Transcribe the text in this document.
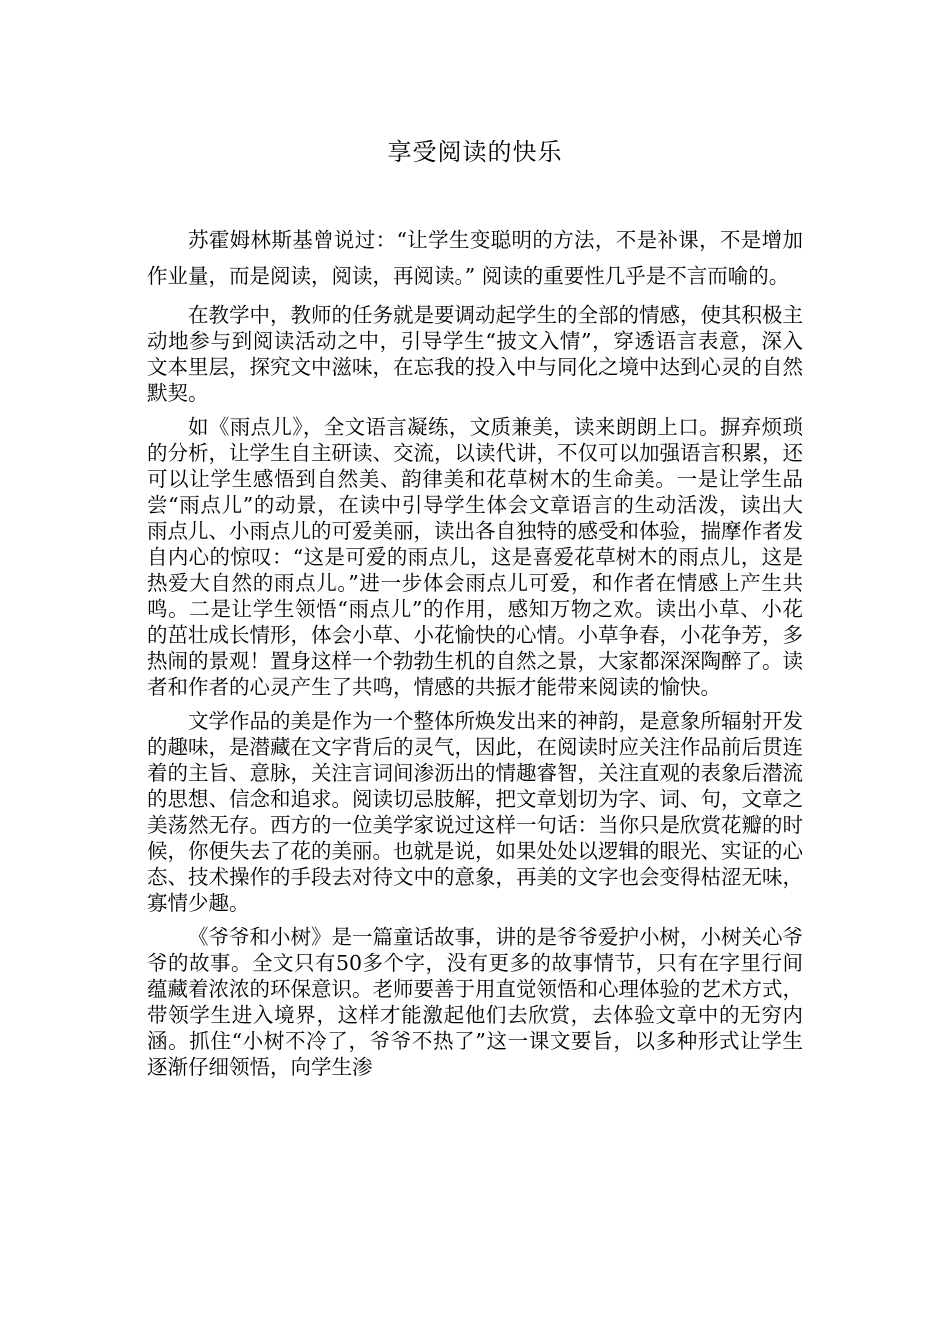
享受阅读的快乐

苏霍姆林斯基曾说过：“让学生变聪明的方法，不是补课，不是增加作业量，而是阅读，阅读，再阅读。” 阅读的重要性几乎是不言而喻的。

在教学中，教师的任务就是要调动起学生的全部的情感，使其积极主动地参与到阅读活动之中，引导学生“披文入情”，穿透语言表意，深入文本里层，探究文中滋味，在忘我的投入中与同化之境中达到心灵的自然默契。

如《雨点儿》，全文语言凝练，文质兼美，读来朗朗上口。摒弃烦琐的分析，让学生自主研读、交流，以读代讲，不仅可以加强语言积累，还可以让学生感悟到自然美、韵律美和花草树木的生命美。一是让学生品尝“雨点儿”的动景，在读中引导学生体会文章语言的生动活泼，读出大雨点儿、小雨点儿的可爱美丽，读出各自独特的感受和体验，揣摩作者发自内心的惊叹：“这是可爱的雨点儿，这是喜爱花草树木的雨点儿，这是热爱大自然的雨点儿。”进一步体会雨点儿可爱，和作者在情感上产生共鸣。二是让学生领悟“雨点儿”的作用，感知万物之欢。读出小草、小花的茁壮成长情形，体会小草、小花愉快的心情。小草争春，小花争芳，多热闹的景观！置身这样一个勃勃生机的自然之景，大家都深深陶醉了。读者和作者的心灵产生了共鸣，情感的共振才能带来阅读的愉快。

文学作品的美是作为一个整体所焕发出来的神韵，是意象所辐射开发的趣味，是潜藏在文字背后的灵气，因此，在阅读时应关注作品前后贯连着的主旨、意脉，关注言词间渗沥出的情趣睿智，关注直观的表象后潜流的思想、信念和追求。阅读切忌肢解，把文章划切为字、词、句，文章之美荡然无存。西方的一位美学家说过这样一句话：当你只是欣赏花瓣的时候，你便失去了花的美丽。也就是说，如果处处以逻辑的眼光、实证的心态、技术操作的手段去对待文中的意象，再美的文字也会变得枯涩无味，寡情少趣。

《爷爷和小树》是一篇童话故事，讲的是爷爷爱护小树，小树关心爷爷的故事。全文只有50多个字，没有更多的故事情节，只有在字里行间蕴藏着浓浓的环保意识。老师要善于用直觉领悟和心理体验的艺术方式，带领学生进入境界，这样才能激起他们去欣赏，去体验文章中的无穷内涵。抓住“小树不冷了，爷爷不热了”这一课文要旨，以多种形式让学生逐渐仔细领悟，向学生渗
